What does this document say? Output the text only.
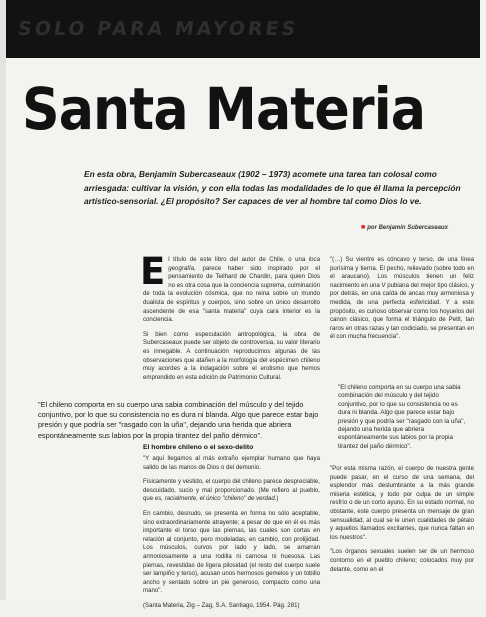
SOLO PARA MAYORES
Santa Materia
En esta obra, Benjamín Subercaseaux (1902 – 1973) acomete una tarea tan colosal como arriesgada: cultivar la visión, y con ella todas las modalidades de lo que él llama la percepción artístico-sensorial. ¿El propósito? Ser capaces de ver al hombre tal como Dios lo ve.
■ por Benjamín Subercaseaux

El título de este libro del autor de Chile, o una loca geografía, parece haber sido inspirado por el pensamiento de Teilhard de Chardin, para quien Dios no es otra cosa que la conciencia suprema, culminación de toda la evolución cósmica, que no reina sobre un mundo dualista de espíritus y cuerpos, sino sobre un único desarrollo ascendente de esa "santa materia" cuya cara interior es la conciencia.

Si bien como especulación antropológica, la obra de Subercaseaux puede ser objeto de controversia, su valor literario es innegable. A continuación reproducimos algunas de las observaciones que atañen a la morfología del espécimen chileno muy acordes a la indagación sobre el erotismo que hemos emprendido en esta edición de Patrimonio Cultural.

"(…) Su vientre es cóncavo y terso, de una línea purísima y tierna. El pecho, relievado (sobre todo en el araucano). Los músculos tienen un feliz nacimiento en una V pubiana del mejor tipo clásico, y por detrás, en una caída de ancas muy armoniosa y medida, de una perfecta esfericidad. Y a este propósito, es curioso observar como los hoyuelos del canon clásico, que forma el triángulo de Petit, tan raros en otras razas y tan codiciado, se presentan en él con mucha frecuencia".

"El chileno comporta en su cuerpo una sabia combinación del músculo y del tejido conjuntivo, por lo que su consistencia no es dura ni blanda. Algo que parece estar bajo presión y que podría ser "rasgado con la uña", dejando una herida que abriera espontáneamente sus labios por la propia tirantez del paño dérmico".
"El chileno comporta en su cuerpo una sabia combinación del músculo y del tejido conjuntivo, por lo que su consistencia no es dura ni blanda. Algo que parece estar bajo presión y que podría ser "rasgado con la uña", dejando una herida que abriera espontáneamente sus labios por la propia tirantez del paño dérmico".
El hombre chileno o el sexo-delito

"Y aquí llegamos al más extraño ejemplar humano que haya salido de las manos de Dios o del demonio.

Físicamente y vestido, el cuerpo del chileno parece despreciable, descuidado, sucio y mal proporcionado. (Me refiero al pueblo, que es, racialmente, el único "chileno" de verdad.)

En cambio, desnudo, se presenta en forma no sólo aceptable, sino extraordinariamente atrayente; a pesar de que en él es más importante el torso que las piernas, las cuales son cortas en relación al conjunto, pero modeladas, en cambio, con prolijidad. Los músculos, curvos por lado y lado, se amarran armoniosamente a una rodilla ni carnosa ni huesosa. Las piernas, revestidas de ligera pilosidad (el resto del cuerpo suele ser lampiño y terso), acusan unos hermosos gemelos y un tobillo ancho y sentado sobre un pie generoso, compacto como una mano".

(Santa Materia, Zig – Zag, S.A. Santiago, 1954. Pág. 281)

"Por esta misma razón, el cuerpo de nuestra gente puede pasar, en el curso de una semana, del esplendor más deslumbrante a la más grande miseria estética, y todo por culpa de un simple resfrío o de un corto ayuno. En su estado normal, no obstante, este cuerpo presenta un mensaje de gran sensualidad, al cual se le unen cualidades de pétalo y aquellos llamados excitantes, que nunca faltan en los nuestros".

"Los órganos sexuales suelen ser de un hermoso contorno en el pueblo chileno; colocados muy por delante, como en el
